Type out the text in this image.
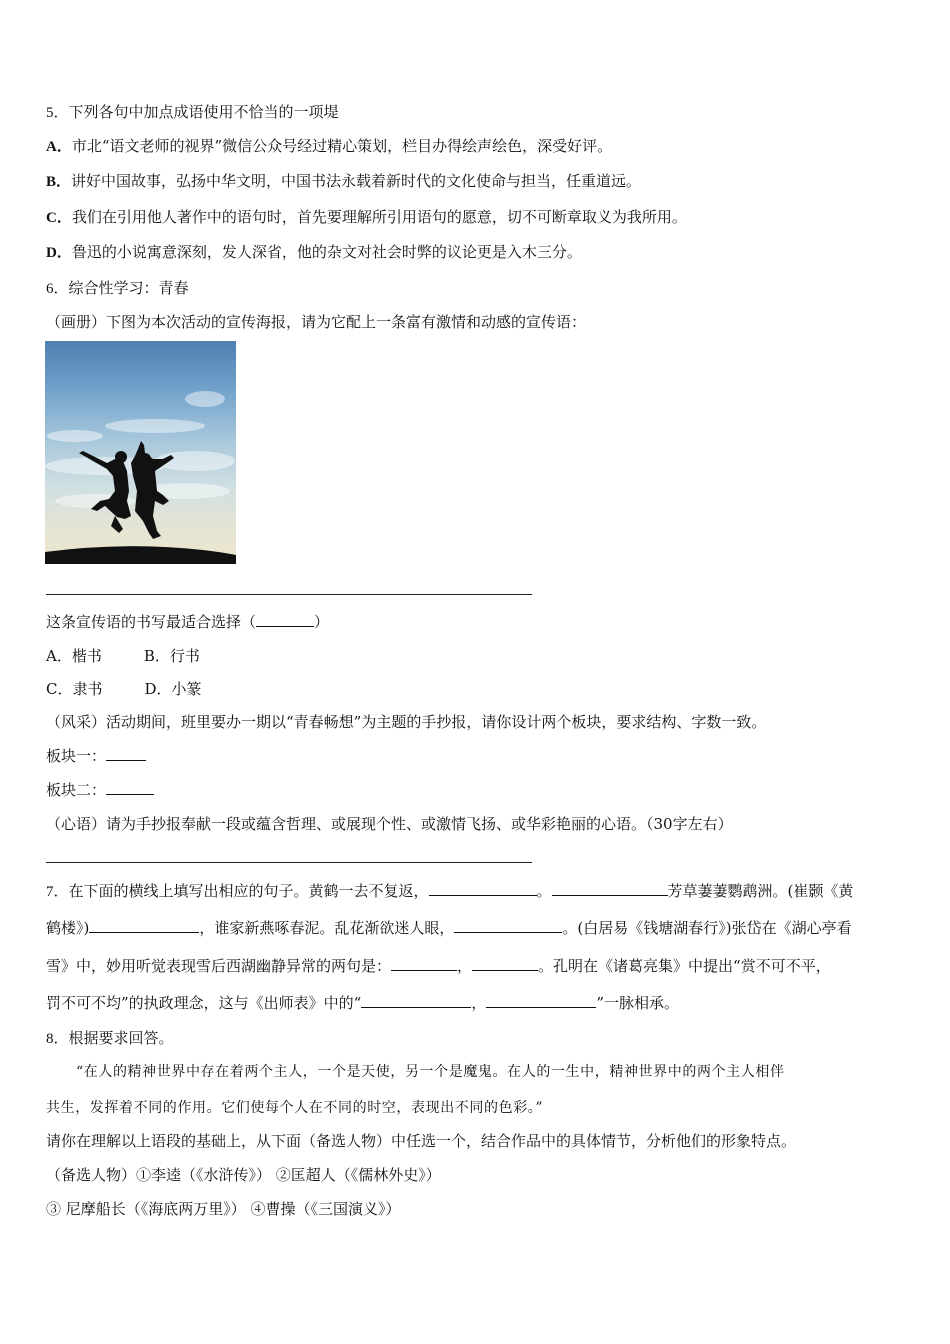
5．下列各句中加点成语使用不恰当的一项堤
A．市北“语文老师的视界”微信公众号经过精心策划，栏目办得绘声绘色，深受好评。
B．讲好中国故事，弘扬中华文明，中国书法永载着新时代的文化使命与担当，任重道远。
C．我们在引用他人著作中的语句时，首先要理解所引用语句的愿意，切不可断章取义为我所用。
D．鲁迅的小说寓意深刻，发人深省，他的杂文对社会时弊的议论更是入木三分。
6．综合性学习：青春
（画册）下图为本次活动的宣传海报，请为它配上一条富有激情和动感的宣传语：
这条宣传语的书写最适合选择（	）
A．楷书	B．行书
C．隶书	D．小篆
（风采）活动期间，班里要办一期以“青春畅想”为主题的手抄报，请你设计两个板块，要求结构、字数一致。
板块一：
板块二：
（心语）请为手抄报奉献一段或蕴含哲理、或展现个性、或激情飞扬、或华彩艳丽的心语。（30字左右）
7．在下面的横线上填写出相应的句子。黄鹤一去不复返，	。	芳草萋萋鹦鹉洲。(崔颢《黄
鹤楼》)	，谁家新燕啄春泥。乱花渐欲迷人眼，	。(白居易《钱塘湖春行》)张岱在《湖心亭看
雪》中，妙用听觉表现雪后西湖幽静异常的两句是：	，	。孔明在《诸葛亮集》中提出“赏不可不平，
罚不可不均”的执政理念，这与《出师表》中的“	，	”一脉相承。
8．根据要求回答。
“在人的精神世界中存在着两个主人，一个是天使，另一个是魔鬼。在人的一生中，精神世界中的两个主人相伴
共生，发挥着不同的作用。它们使每个人在不同的时空，表现出不同的色彩。”
请你在理解以上语段的基础上，从下面（备选人物）中任选一个，结合作品中的具体情节，分析他们的形象特点。
（备选人物）①李逵（《水浒传》） ②匡超人（《儒林外史》）
③ 尼摩船长（《海底两万里》） ④曹操（《三国演义》）
